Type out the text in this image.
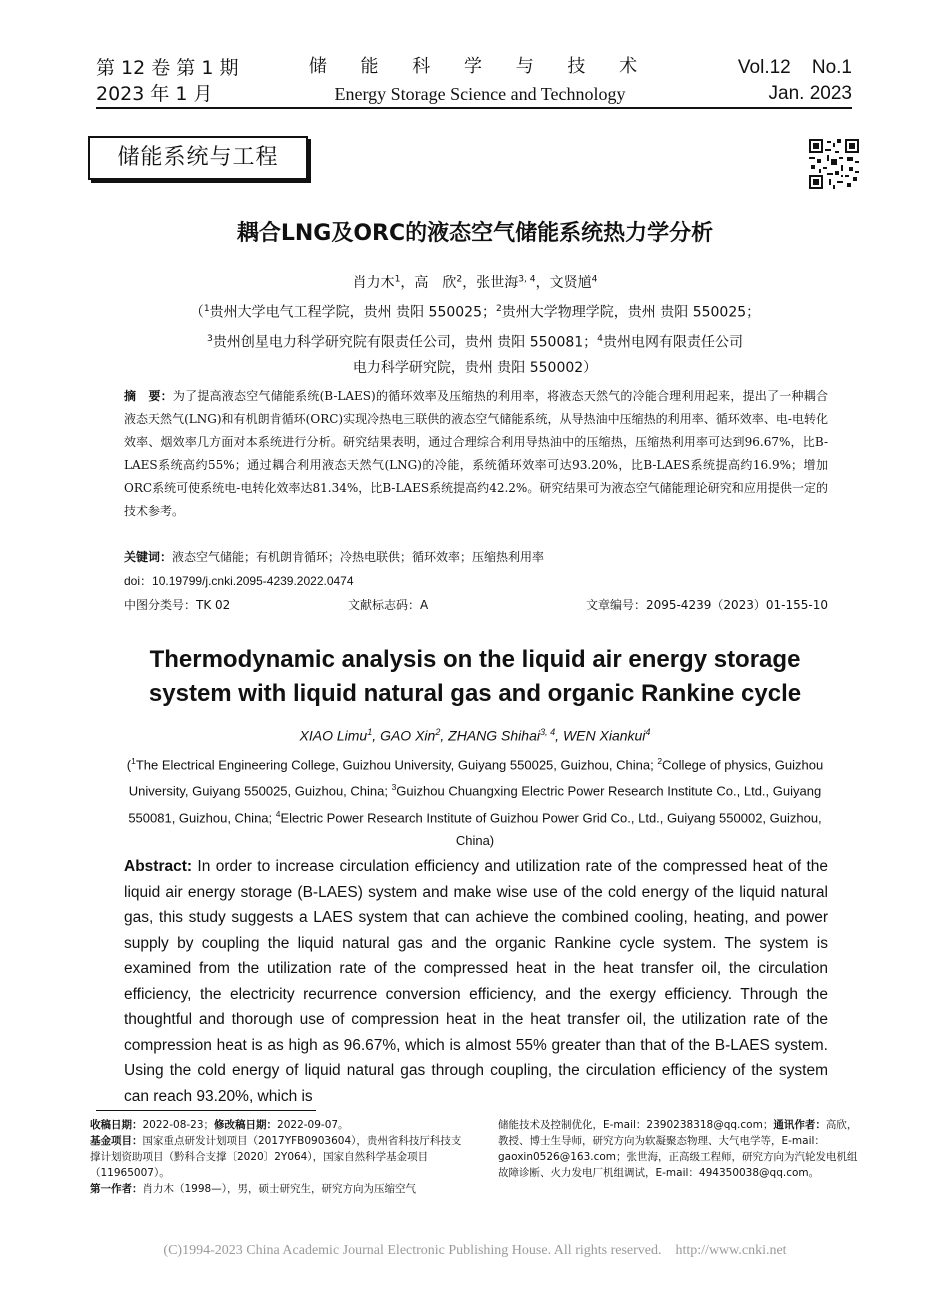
第 12 卷 第 1 期
2023 年 1 月
储 能 科 学 与 技 术
Energy Storage Science and Technology
Vol.12    No.1
Jan. 2023
储能系统与工程
耦合LNG及ORC的液态空气储能系统热力学分析
肖力木$^1$，高　欣$^2$，张世海$^{3, 4}$，文贤馗$^4$
（$^1$贵州大学电气工程学院，贵州 贵阳 550025；$^2$贵州大学物理学院，贵州 贵阳 550025；
$^3$贵州创星电力科学研究院有限责任公司，贵州 贵阳 550081；$^4$贵州电网有限责任公司
电力科学研究院，贵州 贵阳 550002）
摘　要：为了提高液态空气储能系统(B-LAES)的循环效率及压缩热的利用率，将液态天然气的冷能合理利用起来，提出了一种耦合液态天然气(LNG)和有机朗肯循环(ORC)实现冷热电三联供的液态空气储能系统，从导热油中压缩热的利用率、循环效率、电-电转化效率、烟效率几方面对本系统进行分析。研究结果表明，通过合理综合利用导热油中的压缩热，压缩热利用率可达到96.67%，比B-LAES系统高约55%；通过耦合利用液态天然气(LNG)的冷能，系统循环效率可达93.20%，比B-LAES系统提高约16.9%；增加ORC系统可使系统电-电转化效率达81.34%，比B-LAES系统提高约42.2%。研究结果可为液态空气储能理论研究和应用提供一定的技术参考。
关键词：液态空气储能；有机朗肯循环；冷热电联供；循环效率；压缩热利用率
doi：10.19799/j.cnki.2095-4239.2022.0474
中图分类号：TK 02	文献标志码：A	文章编号：2095-4239（2023）01-155-10
Thermodynamic analysis on the liquid air energy storage
system with liquid natural gas and organic Rankine cycle
XIAO Limu$^1$, GAO Xin$^2$, ZHANG Shihai$^{3, 4}$, WEN Xiankui$^4$
($^1$The Electrical Engineering College, Guizhou University, Guiyang 550025, Guizhou, China; $^2$College of physics, Guizhou University, Guiyang 550025, Guizhou, China; $^3$Guizhou Chuangxing Electric Power Research Institute Co., Ltd., Guiyang 550081, Guizhou, China; $^4$Electric Power Research Institute of Guizhou Power Grid Co., Ltd., Guiyang 550002, Guizhou, China)
Abstract: In order to increase circulation efficiency and utilization rate of the compressed heat of the liquid air energy storage (B-LAES) system and make wise use of the cold energy of the liquid natural gas, this study suggests a LAES system that can achieve the combined cooling, heating, and power supply by coupling the liquid natural gas and the organic Rankine cycle system. The system is examined from the utilization rate of the compressed heat in the heat transfer oil, the circulation efficiency, the electricity recurrence conversion efficiency, and the exergy efficiency. Through the thoughtful and thorough use of compression heat in the heat transfer oil, the utilization rate of the compression heat is as high as 96.67%, which is almost 55% greater than that of the B-LAES system. Using the cold energy of liquid natural gas through coupling, the circulation efficiency of the system can reach 93.20%, which is
收稿日期：2022-08-23；修改稿日期：2022-09-07。
基金项目：国家重点研发计划项目（2017YFB0903604），贵州省科技厅科技支撑计划资助项目（黔科合支撑〔2020〕2Y064），国家自然科学基金项目（11965007）。
第一作者：肖力木（1998—），男，硕士研究生，研究方向为压缩空气
储能技术及控制优化，E-mail：2390238318@qq.com；通讯作者：高欣，教授、博士生导师，研究方向为软凝聚态物理、大气电学等，E-mail：gaoxin0526@163.com；张世海，正高级工程师，研究方向为汽轮发电机组故障诊断、火力发电厂机组调试，E-mail：494350038@qq.com。
(C)1994-2023 China Academic Journal Electronic Publishing House. All rights reserved.    http://www.cnki.net
